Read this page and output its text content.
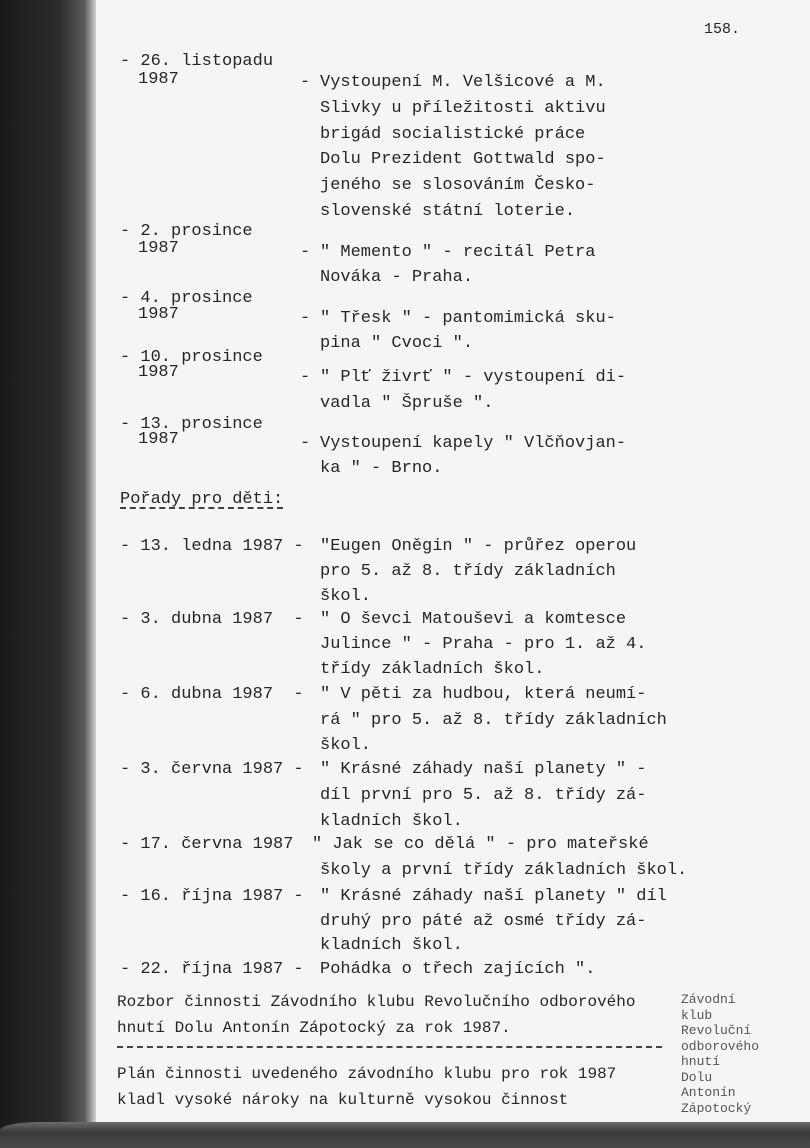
158.
- 26. listopadu
1987	- Vystoupení M. Velšicové a M.
Slivky u příležitosti aktivu
brigád socialistické práce
Dolu Prezident Gottwald spo-
jeného se slosováním Česko-
slovenské státní loterie.
- 2. prosince
1987	- " Memento " - recitál Petra
Nováka - Praha.
- 4. prosince
1987	- " Třesk " - pantomimická sku-
pina " Cvoci ".
- 10. prosince
1987	- " Plť živrť " - vystoupení di-
vadla " Špruše ".
- 13. prosince
1987	- Vystoupení kapely " Vlčňovjan-
ka " - Brno.
Pořady pro děti:
- 13. ledna 1987 - "Eugen Oněgin " - průřez operou
pro 5. až 8. třídy základních
škol.
- 3. dubna 1987  - " O ševci Matouševi a komtesce
Julince " - Praha - pro 1. až 4.
třídy základních škol.
- 6. dubna 1987  - " V pěti za hudbou, která neumí-
rá " pro 5. až 8. třídy základních
škol.
- 3. června 1987 - " Krásné záhady naší planety " -
díl první pro 5. až 8. třídy zá-
kladních škol.
- 17. června 1987 " Jak se co dělá " - pro mateřské
školy a první třídy základních škol.
- 16. října 1987 - " Krásné záhady naší planety " díl
druhý pro páté až osmé třídy zá-
kladních škol.
- 22. října 1987 - Pohádka o třech zajících ".
Rozbor činnosti Závodního klubu Revolučního odborového
hnutí Dolu Antonín Zápotocký za rok 1987.
Plán činnosti uvedeného závodního klubu pro rok 1987
kladl vysoké nároky na kulturně vysokou činnost
Závodní
klub
Revoluční
odborového
hnutí
Dolu
Antonín
Zápotocký
